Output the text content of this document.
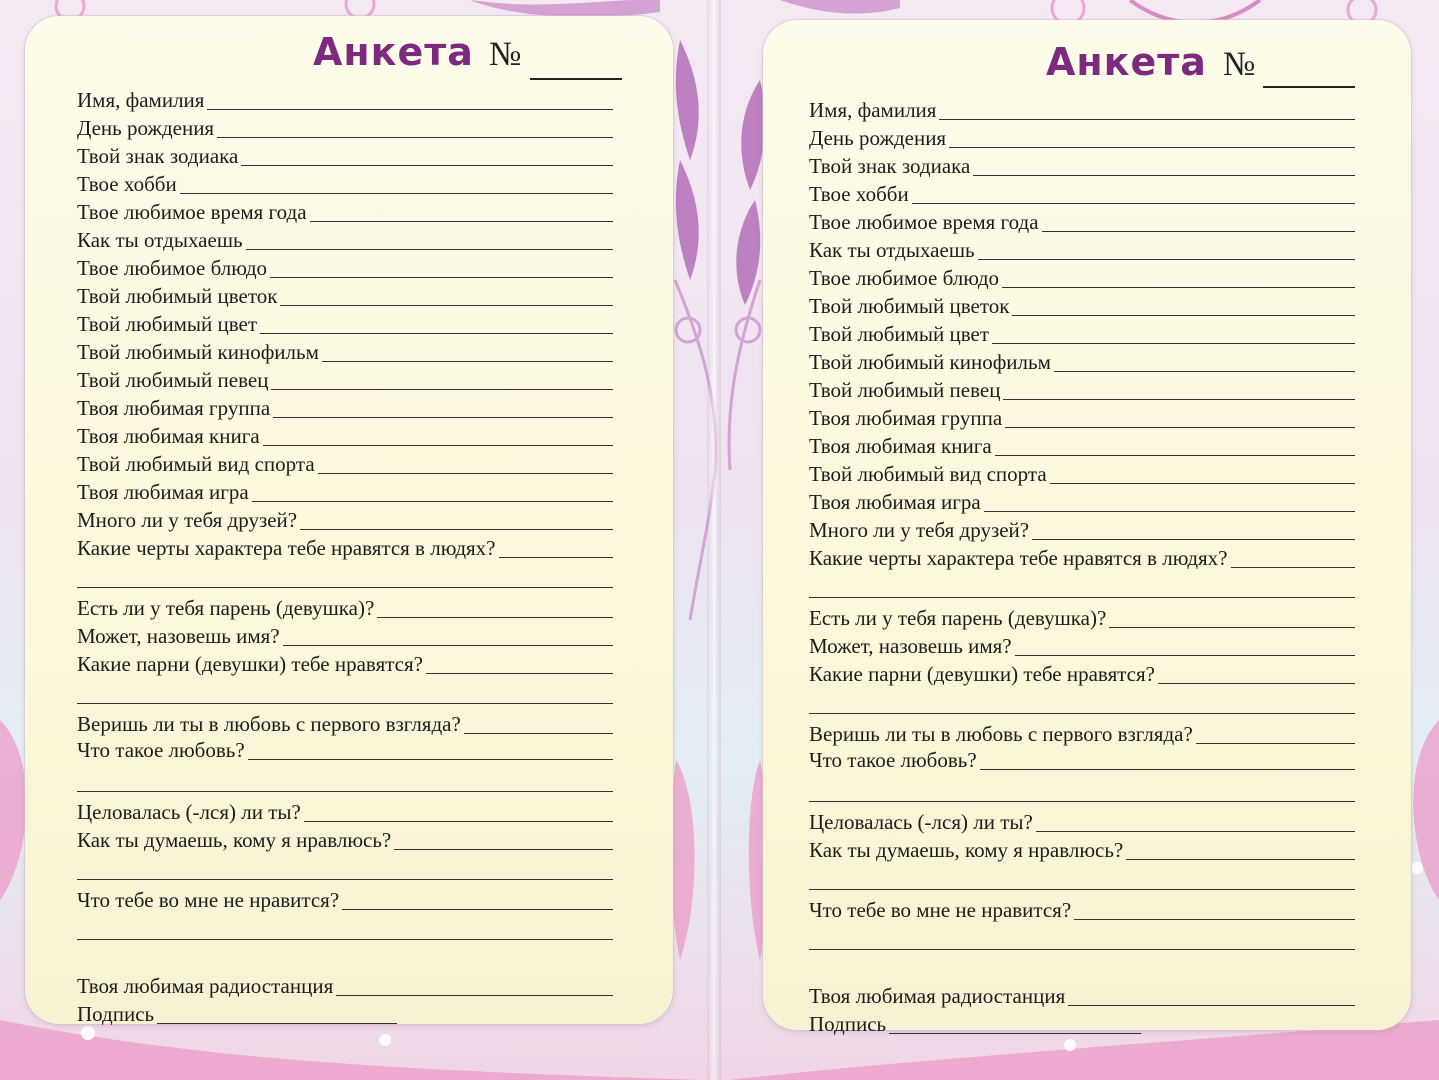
Анкета №
Имя, фамилия
День рождения
Твой знак зодиака
Твое хобби
Твое любимое время года
Как ты отдыхаешь
Твое любимое блюдо
Твой любимый цветок
Твой любимый цвет
Твой любимый кинофильм
Твой любимый певец
Твоя любимая группа
Твоя любимая книга
Твой любимый вид спорта
Твоя любимая игра
Много ли у тебя друзей?
Какие черты характера тебе нравятся в людях?
Есть ли у тебя парень (девушка)?
Может, назовешь имя?
Какие парни (девушки) тебе нравятся?
Веришь ли ты в любовь с первого взгляда?
Что такое любовь?
Целовалась (-лся) ли ты?
Как ты думаешь, кому я нравлюсь?
Что тебе во мне не нравится?
Твоя любимая радиостанция
Подпись
Анкета №
Имя, фамилия
День рождения
Твой знак зодиака
Твое хобби
Твое любимое время года
Как ты отдыхаешь
Твое любимое блюдо
Твой любимый цветок
Твой любимый цвет
Твой любимый кинофильм
Твой любимый певец
Твоя любимая группа
Твоя любимая книга
Твой любимый вид спорта
Твоя любимая игра
Много ли у тебя друзей?
Какие черты характера тебе нравятся в людях?
Есть ли у тебя парень (девушка)?
Может, назовешь имя?
Какие парни (девушки) тебе нравятся?
Веришь ли ты в любовь с первого взгляда?
Что такое любовь?
Целовалась (-лся) ли ты?
Как ты думаешь, кому я нравлюсь?
Что тебе во мне не нравится?
Твоя любимая радиостанция
Подпись
